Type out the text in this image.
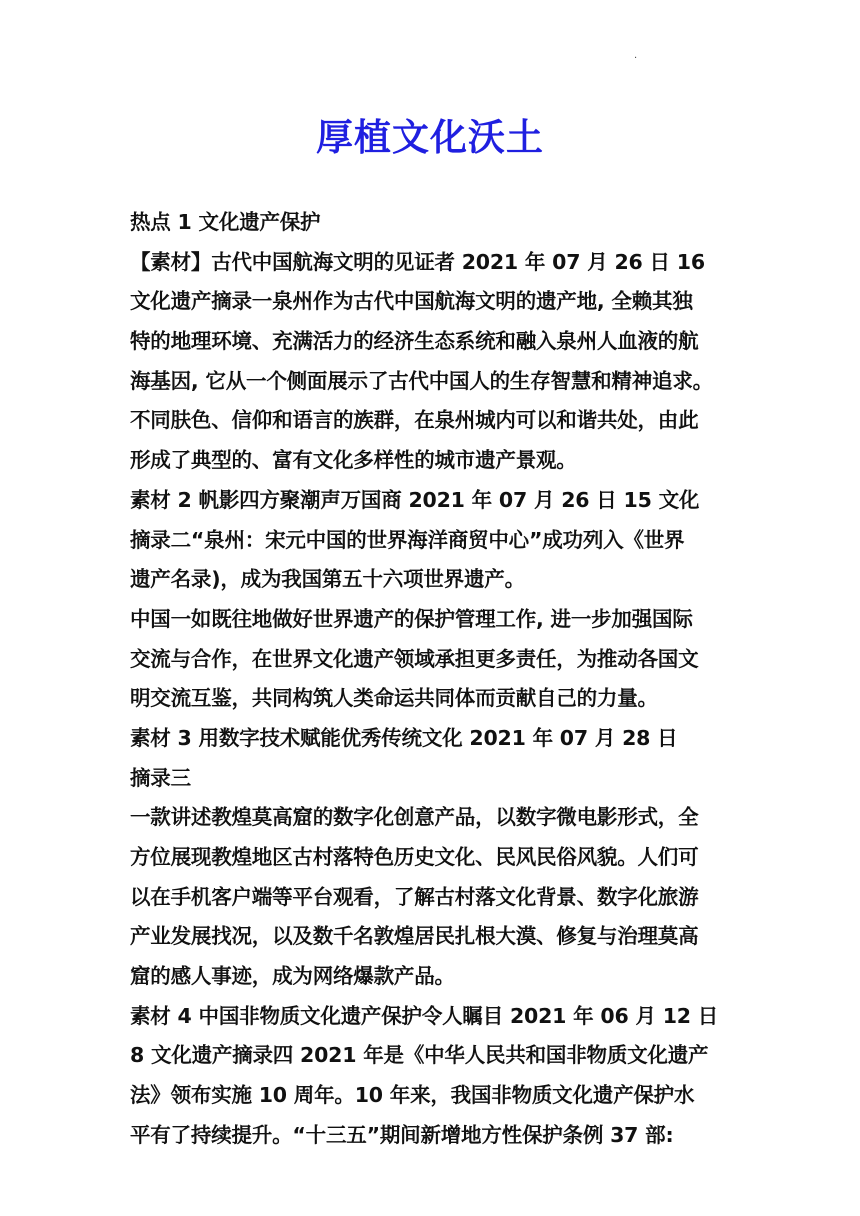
·
厚植文化沃土
热点 1 文化遗产保护
【素材】古代中国航海文明的见证者 2021 年 07 月 26 日 16
文化遗产摘录一泉州作为古代中国航海文明的遗产地, 全赖其独
特的地理环境、充满活力的经济生态系统和融入泉州人血液的航
海基因, 它从一个侧面展示了古代中国人的生存智慧和精神追求。
不同肤色、信仰和语言的族群，在泉州城内可以和谐共处，由此
形成了典型的、富有文化多样性的城市遗产景观。
素材 2 帆影四方聚潮声万国商 2021 年 07 月 26 日 15 文化
摘录二“泉州：宋元中国的世界海洋商贸中心”成功列入《世界
遗产名录)，成为我国第五十六项世界遗产。
中国一如既往地做好世界遗产的保护管理工作, 进一步加强国际
交流与合作，在世界文化遗产领域承担更多责任，为推动各国文
明交流互鉴，共同构筑人类命运共同体而贡献自己的力量。
素材 3 用数字技术赋能优秀传统文化 2021 年 07 月 28 日
摘录三
一款讲述教煌莫高窟的数字化创意产品，以数字微电影形式，全
方位展现教煌地区古村落特色历史文化、民风民俗风貌。人们可
以在手机客户端等平台观看，了解古村落文化背景、数字化旅游
产业发展找况，以及数千名敦煌居民扎根大漠、修复与治理莫高
窟的感人事迹，成为网络爆款产品。
素材 4 中国非物质文化遗产保护令人瞩目 2021 年 06 月 12 日
8 文化遗产摘录四 2021 年是《中华人民共和国非物质文化遗产
法》领布实施 10 周年。10 年来，我国非物质文化遗产保护水
平有了持续提升。“十三五”期间新增地方性保护条例 37 部:
